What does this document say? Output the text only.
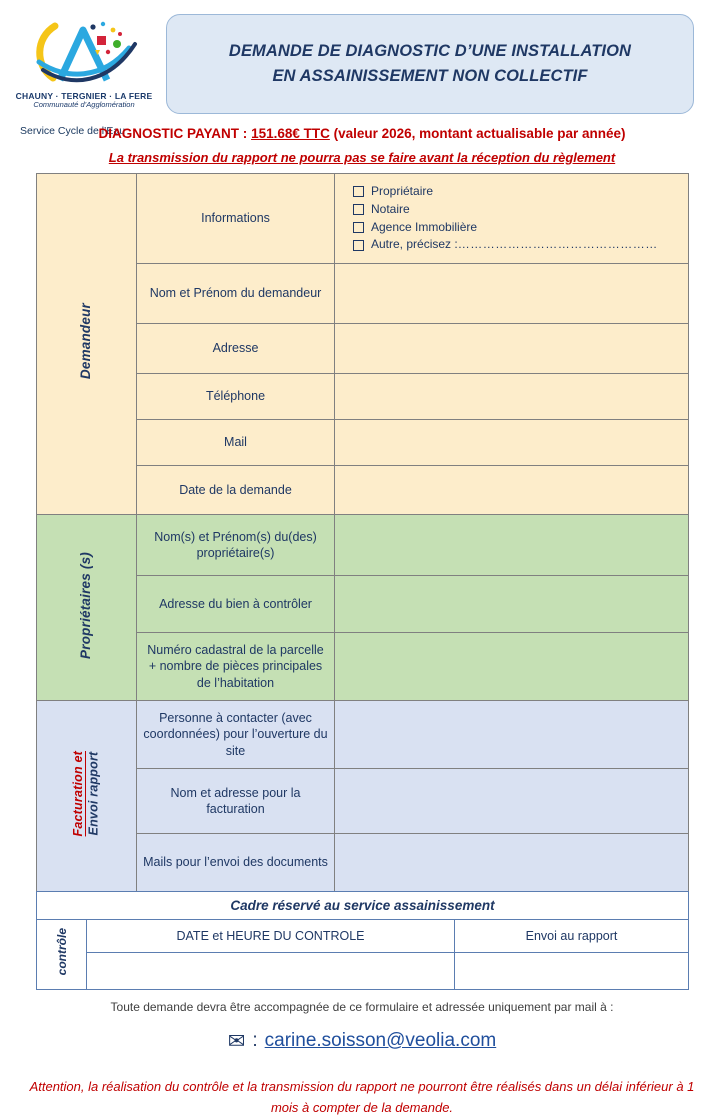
CHAUNY · TERGNIER · LA FERE
Communauté d’Agglomération
Service Cycle de l’Eau
DEMANDE DE DIAGNOSTIC D’UNE INSTALLATION
EN ASSAINISSEMENT NON COLLECTIF
DIAGNOSTIC PAYANT : 151.68€ TTC (valeur 2026, montant actualisable par année)
La transmission du rapport ne pourra pas se faire avant la réception du règlement
Demandeur	Informations	Propriétaire
Notaire
Agence Immobilière
Autre, précisez : …………………………………………

	Nom et Prénom du demandeur	
	Adresse	
	Téléphone	
	Mail	
	Date de la demande	
Propriétaires (s)	Nom(s) et Prénom(s) du(des) propriétaire(s)	
	Adresse du bien à contrôler	
	Numéro cadastral de la parcelle + nombre de pièces principales de l’habitation	
Facturation et Envoi rapport	Personne à contacter (avec coordonnées) pour l’ouverture du site	
	Nom et adresse pour la facturation	
	Mails pour l’envoi des documents	
Cadre réservé au service assainissement		
contrôle	DATE et HEURE DU CONTROLE	Envoi au rapport

Toute demande devra être accompagnée de ce formulaire et adressée uniquement par mail à :
✉ : carine.soisson@veolia.com
Attention, la réalisation du contrôle et la transmission du rapport ne pourront être réalisés dans un délai inférieur à 1 mois à compter de la demande.
